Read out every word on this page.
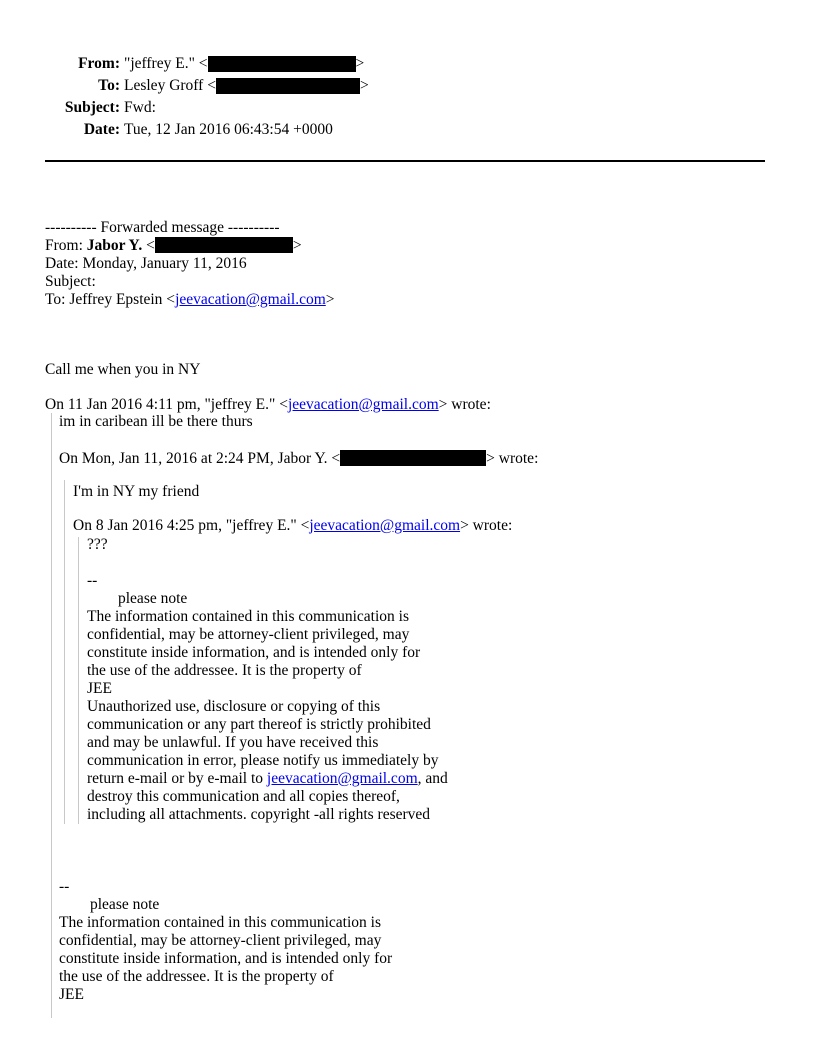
From: "jeffrey E." <	>
To: Lesley Groff <	>
Subject: Fwd:
Date: Tue, 12 Jan 2016 06:43:54 +0000
---------- Forwarded message ----------
From: Jabor Y. <	>
Date: Monday, January 11, 2016
Subject:
To: Jeffrey Epstein <jeevacation@gmail.com>
Call me when you in NY
On 11 Jan 2016 4:11 pm, "jeffrey E." <jeevacation@gmail.com> wrote:
im in caribean ill be there thurs
On Mon, Jan 11, 2016 at 2:24 PM, Jabor Y. <	> wrote:
I'm in NY my friend
On 8 Jan 2016 4:25 pm, "jeffrey E." <jeevacation@gmail.com> wrote:
???
--
please note
The information contained in this communication is
confidential, may be attorney-client privileged, may
constitute inside information, and is intended only for
the use of the addressee. It is the property of
JEE
Unauthorized use, disclosure or copying of this
communication or any part thereof is strictly prohibited
and may be unlawful. If you have received this
communication in error, please notify us immediately by
return e-mail or by e-mail to jeevacation@gmail.com, and
destroy this communication and all copies thereof,
including all attachments. copyright -all rights reserved
--
please note
The information contained in this communication is
confidential, may be attorney-client privileged, may
constitute inside information, and is intended only for
the use of the addressee. It is the property of
JEE
